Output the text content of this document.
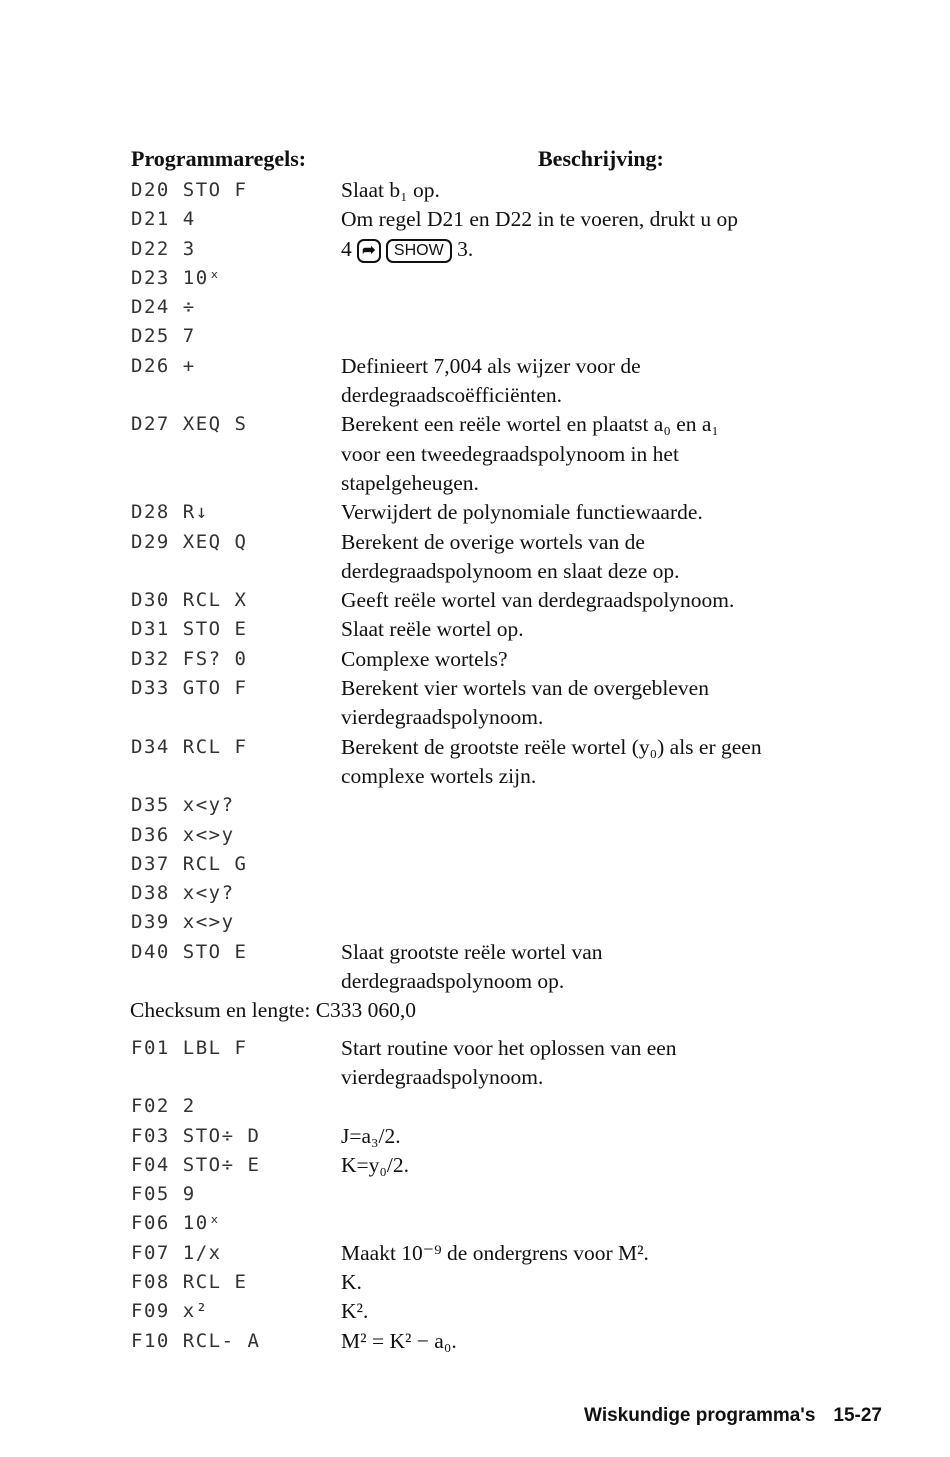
Programmaregels:	Beschrijving:
D20 STO F	Slaat b₁ op.
D21 4	Om regel D21 en D22 in te voeren, drukt u op
D22 3	4 ➦ SHOW 3.
D23 10ˣ
D24 ÷
D25 7
D26 +	Definieert 7,004 als wijzer voor de
derdegraadscoëfficiënten.
D27 XEQ S	Berekent een reële wortel en plaatst a₀ en a₁
voor een tweedegraadspolynoom in het
stapelgeheugen.
D28 R↓	Verwijdert de polynomiale functiewaarde.
D29 XEQ Q	Berekent de overige wortels van de
derdegraadspolynoom en slaat deze op.
D30 RCL X	Geeft reële wortel van derdegraadspolynoom.
D31 STO E	Slaat reële wortel op.
D32 FS? 0	Complexe wortels?
D33 GTO F	Berekent vier wortels van de overgebleven
vierdegraadspolynoom.
D34 RCL F	Berekent de grootste reële wortel (y₀) als er geen
complexe wortels zijn.
D35 x<y?
D36 x<>y
D37 RCL G
D38 x<y?
D39 x<>y
D40 STO E	Slaat grootste reële wortel van
derdegraadspolynoom op.
Checksum en lengte: C333 060,0
F01 LBL F	Start routine voor het oplossen van een
vierdegraadspolynoom.
F02 2
F03 STO÷ D	J=a₃/2.
F04 STO÷ E	K=y₀/2.
F05 9
F06 10ˣ
F07 1/x	Maakt 10⁻⁹ de ondergrens voor M².
F08 RCL E	K.
F09 x²	K².
F10 RCL- A	M² = K² − a₀.
Wiskundige programma's 15-27
